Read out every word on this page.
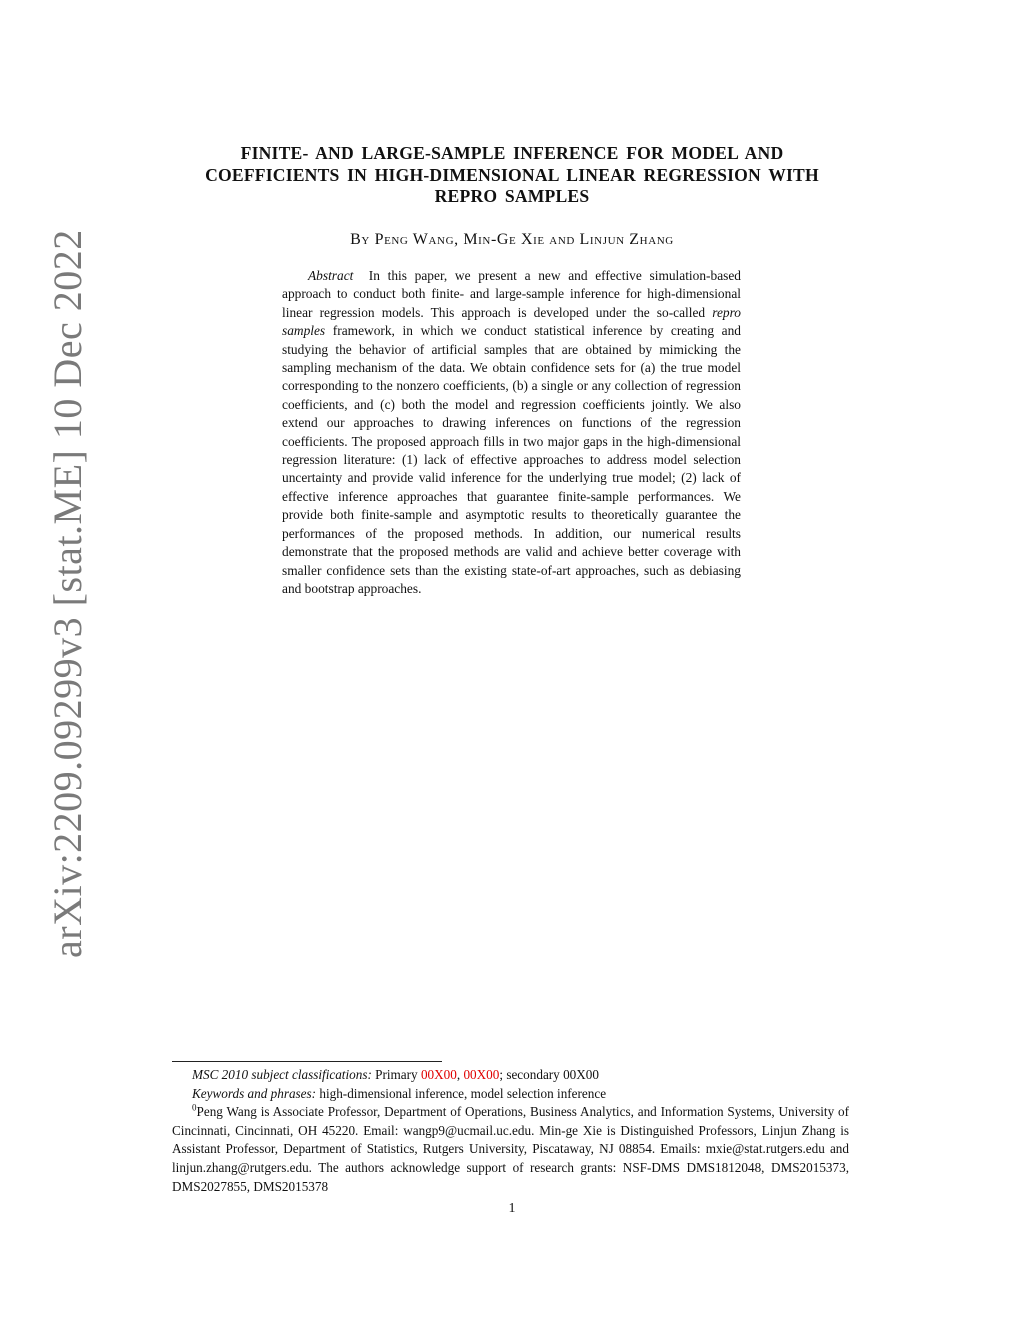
arXiv:2209.09299v3 [stat.ME] 10 Dec 2022
FINITE- AND LARGE-SAMPLE INFERENCE FOR MODEL AND
COEFFICIENTS IN HIGH-DIMENSIONAL LINEAR REGRESSION WITH
REPRO SAMPLES

By Peng Wang, Min-Ge Xie and Linjun Zhang

Abstract In this paper, we present a new and effective simulation-based approach to conduct both finite- and large-sample inference for high-dimensional linear regression models. This approach is developed under the so-called repro samples framework, in which we conduct statistical inference by creating and studying the behavior of artificial samples that are obtained by mimicking the sampling mechanism of the data. We obtain confidence sets for (a) the true model corresponding to the nonzero coefficients, (b) a single or any collection of regression coefficients, and (c) both the model and regression coefficients jointly. We also extend our approaches to drawing inferences on functions of the regression coefficients. The proposed approach fills in two major gaps in the high-dimensional regression literature: (1) lack of effective approaches to address model selection uncertainty and provide valid inference for the underlying true model; (2) lack of effective inference approaches that guarantee finite-sample performances. We provide both finite-sample and asymptotic results to theoretically guarantee the performances of the proposed methods. In addition, our numerical results demonstrate that the proposed methods are valid and achieve better coverage with smaller confidence sets than the existing state-of-art approaches, such as debiasing and bootstrap approaches.

MSC 2010 subject classifications: Primary 00X00, 00X00; secondary 00X00

Keywords and phrases: high-dimensional inference, model selection inference

$^0$Peng Wang is Associate Professor, Department of Operations, Business Analytics, and Information Systems, University of Cincinnati, Cincinnati, OH 45220. Email: wangp9@ucmail.uc.edu. Min-ge Xie is Distinguished Professors, Linjun Zhang is Assistant Professor, Department of Statistics, Rutgers University, Piscataway, NJ 08854. Emails: mxie@stat.rutgers.edu and linjun.zhang@rutgers.edu. The authors acknowledge support of research grants: NSF-DMS DMS1812048, DMS2015373, DMS2027855, DMS2015378

1
